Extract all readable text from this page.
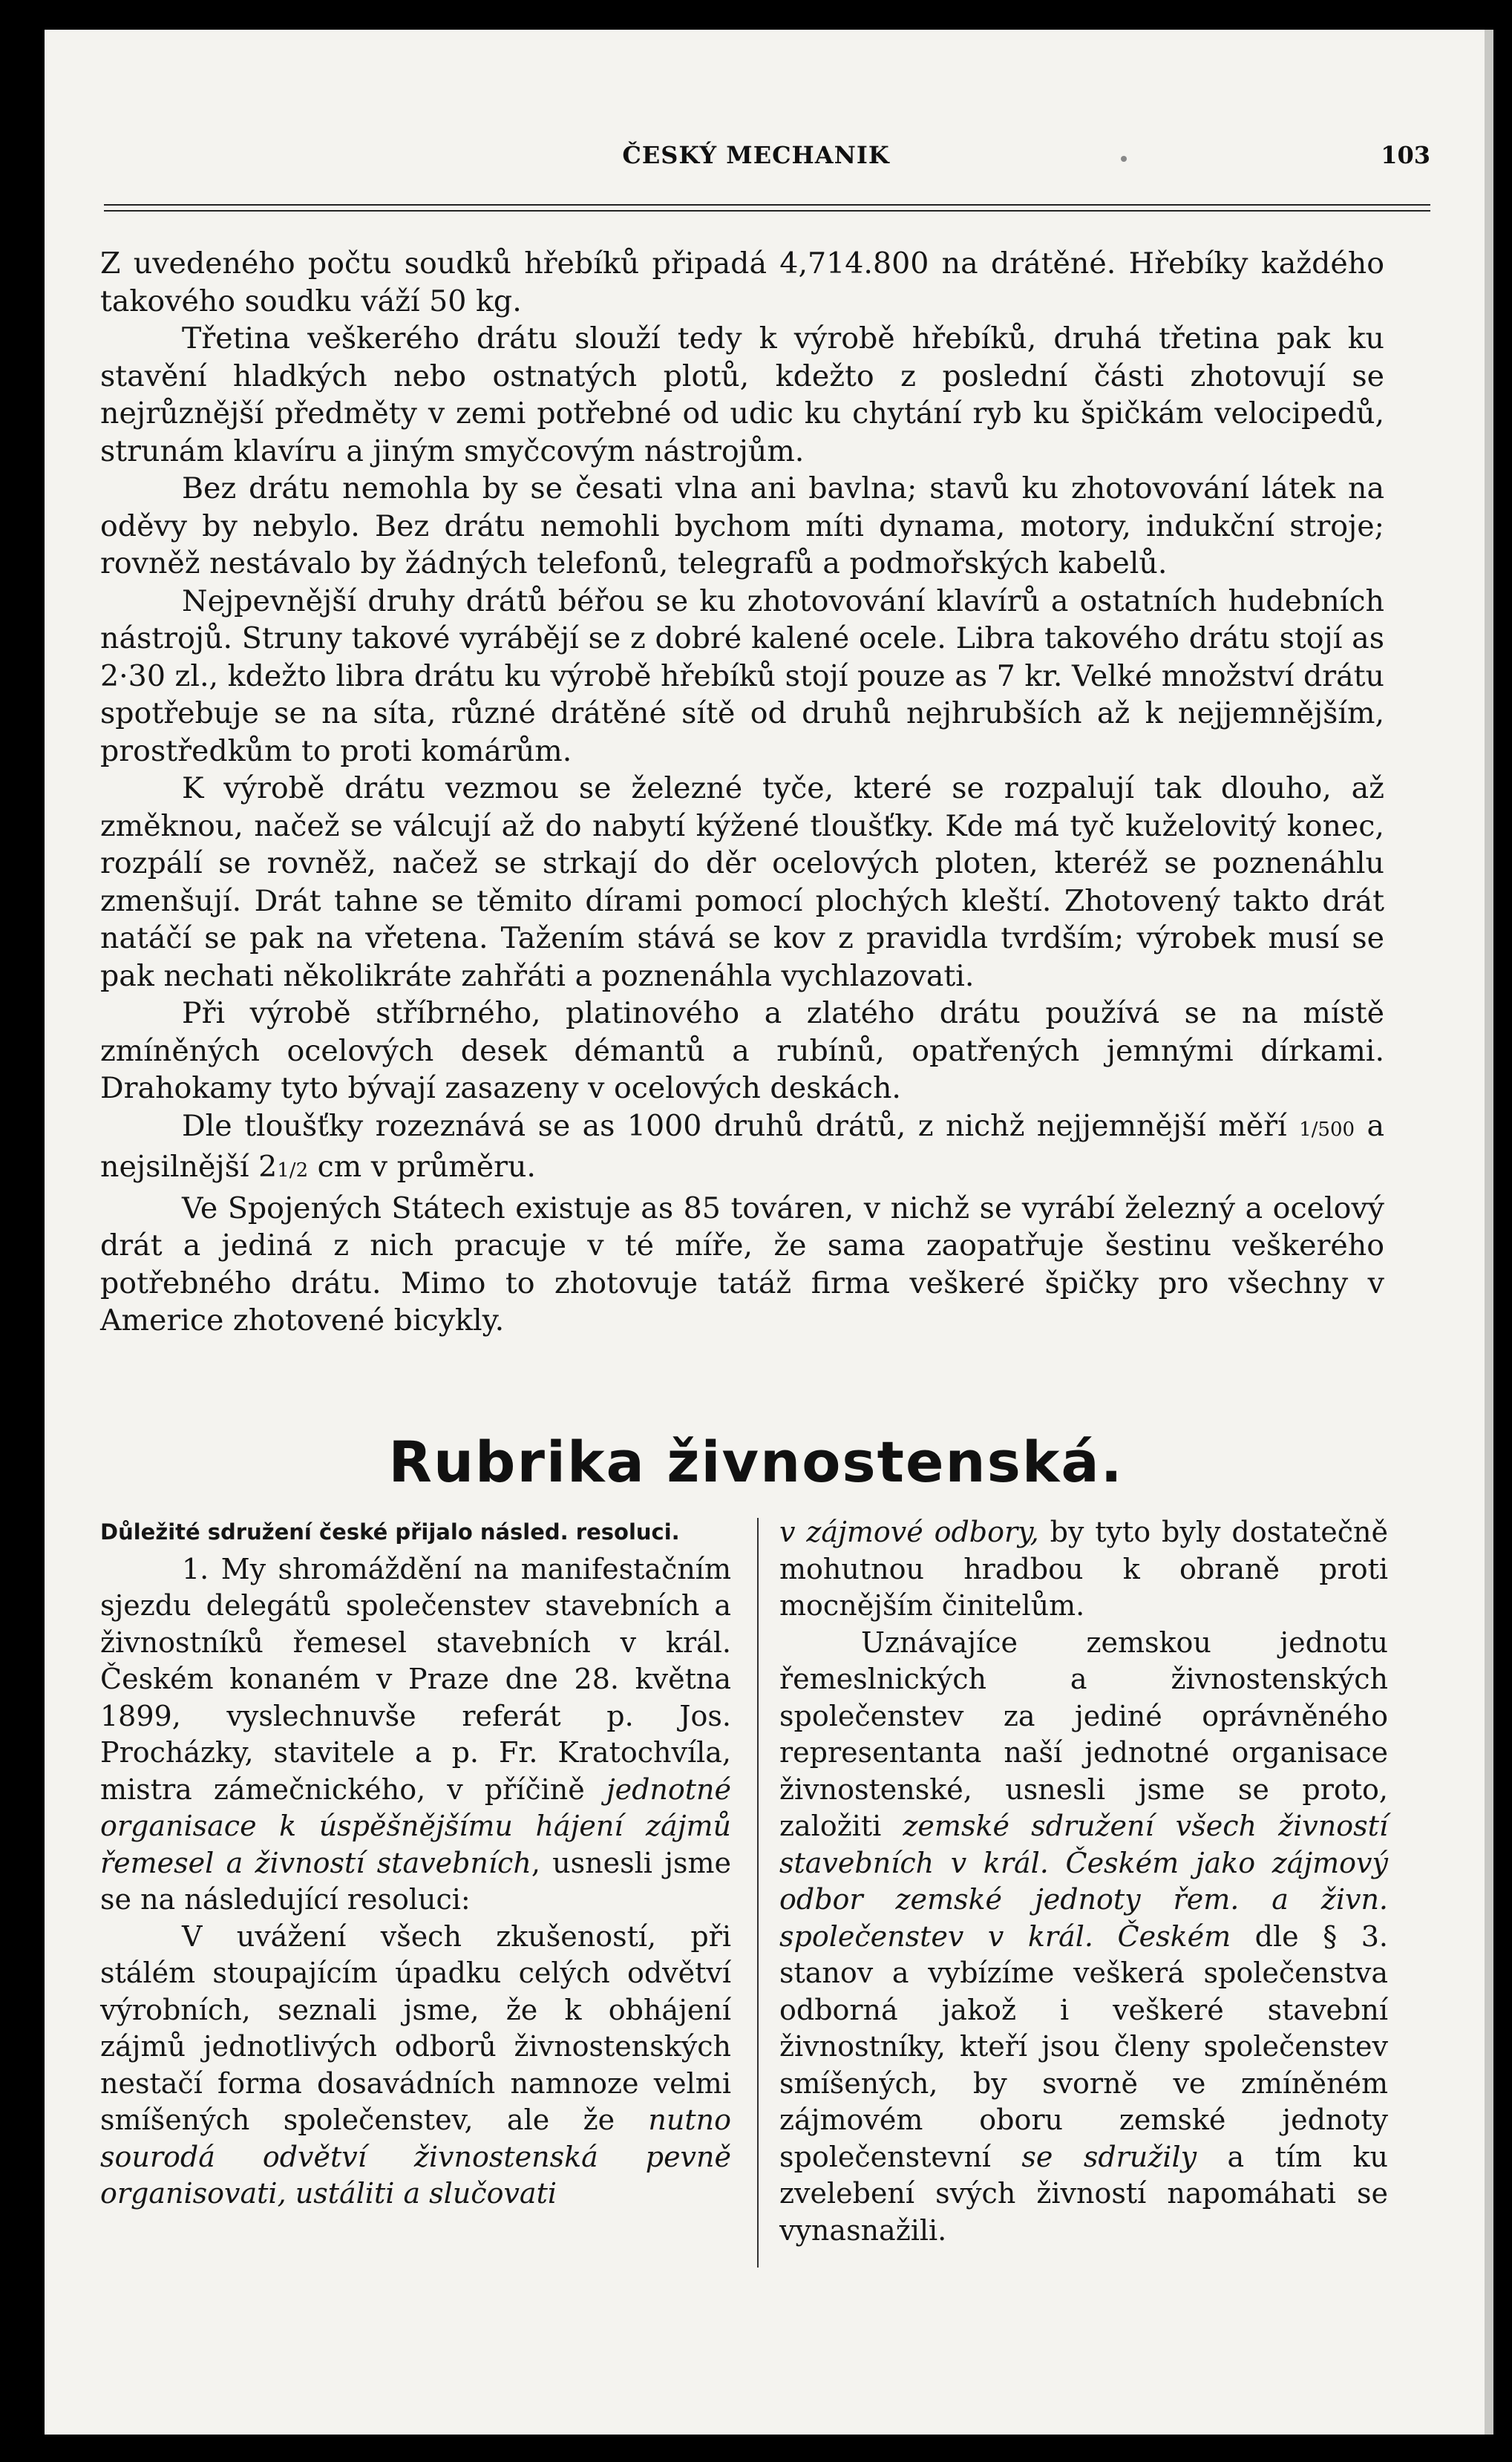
ČESKÝ MECHANIK	103

Z uvedeného počtu soudků hřebíků připadá 4,714.800 na drátěné. Hřebíky každého takového soudku váží 50 kg.

Třetina veškerého drátu slouží tedy k výrobě hřebíků, druhá třetina pak ku stavění hladkých nebo ostnatých plotů, kdežto z poslední části zhotovují se nejrůznější předměty v zemi potřebné od udic ku chytání ryb ku špičkám velocipedů, strunám klavíru a jiným smyčcovým nástrojům.

Bez drátu nemohla by se česati vlna ani bavlna; stavů ku zhotovování látek na oděvy by nebylo. Bez drátu nemohli bychom míti dynama, motory, indukční stroje; rovněž nestávalo by žádných telefonů, telegrafů a podmořských kabelů.

Nejpevnější druhy drátů béřou se ku zhotovování klavírů a ostatních hudebních nástrojů. Struny takové vyrábějí se z dobré kalené ocele. Libra takového drátu stojí as 2·30 zl., kdežto libra drátu ku výrobě hřebíků stojí pouze as 7 kr. Velké množství drátu spotřebuje se na síta, různé drátěné sítě od druhů nejhrubších až k nejjemnějším, prostředkům to proti komárům.

K výrobě drátu vezmou se železné tyče, které se rozpalují tak dlouho, až změknou, načež se válcují až do nabytí kýžené tloušťky. Kde má tyč kuželovitý konec, rozpálí se rovněž, načež se strkají do děr ocelových ploten, kteréž se poznenáhlu zmenšují. Drát tahne se těmito dírami pomocí plochých kleští. Zhotovený takto drát natáčí se pak na vřetena. Tažením stává se kov z pravidla tvrdším; výrobek musí se pak nechati několikráte zahřáti a poznenáhla vychlazovati.

Při výrobě stříbrného, platinového a zlatého drátu používá se na místě zmíněných ocelových desek démantů a rubínů, opatřených jemnými dírkami. Drahokamy tyto bývají zasazeny v ocelových deskách.

Dle tloušťky rozeznává se as 1000 druhů drátů, z nichž nejjemnější měří 1/500 a nejsilnější 21/2 cm v průměru.

Ve Spojených Státech existuje as 85 továren, v nichž se vyrábí železný a ocelový drát a jediná z nich pracuje v té míře, že sama zaopatřuje šestinu veškerého potřebného drátu. Mimo to zhotovuje tatáž firma veškeré špičky pro všechny v Americe zhotovené bicykly.

Rubrika živnostenská.

Důležité sdružení české přijalo násled. resoluci.

1. My shromáždění na manifestačním sjezdu delegátů společenstev stavebních a živnostníků řemesel stavebních v král. Českém konaném v Praze dne 28. května 1899, vyslechnuvše referát p. Jos. Procházky, stavitele a p. Fr. Kratochvíla, mistra zámečnického, v příčině jednotné organisace k úspěšnějšímu hájení zájmů řemesel a živností stavebních, usnesli jsme se na následující resoluci:

V uvážení všech zkušeností, při stálém stoupajícím úpadku celých odvětví výrobních, seznali jsme, že k obhájení zájmů jednotlivých odborů živnostenských nestačí forma dosavádních namnoze velmi smíšených společenstev, ale že nutno sourodá odvětví živnostenská pevně organisovati, ustáliti a slučovati

v zájmové odbory, by tyto byly dostatečně mohutnou hradbou k obraně proti mocnějším činitelům.

Uznávajíce zemskou jednotu řemeslnických a živnostenských společenstev za jediné oprávněného representanta naší jednotné organisace živnostenské, usnesli jsme se proto, založiti zemské sdružení všech živností stavebních v král. Českém jako zájmový odbor zemské jednoty řem. a živn. společenstev v král. Českém dle § 3. stanov a vybízíme veškerá společenstva odborná jakož i veškeré stavební živnostníky, kteří jsou členy společenstev smíšených, by svorně ve zmíněném zájmovém oboru zemské jednoty společenstevní se sdružily a tím ku zvelebení svých živností napomáhati se vynasnažili.
